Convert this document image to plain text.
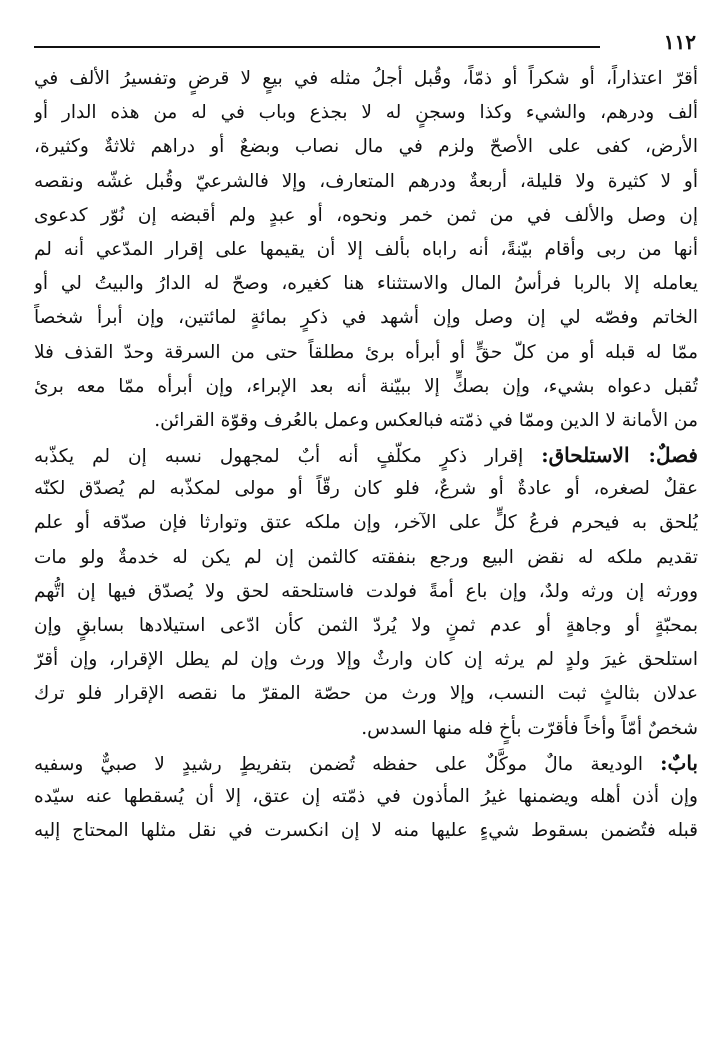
١١٢
أقرّ اعتذاراً، أو شكراً أو ذمّاً، وقُبل أجلُ مثله في بيعٍ لا قرضٍ وتفسيرُ الألف في
ألف ودرهم، والشيء وكذا وسجنٍ له لا بجذع وباب في له من هذه الدار أو
الأرض، كفى على الأصحّ ولزم في مال نصاب وبضعٌ أو دراهم ثلاثةٌ وكثيرة،
أو لا كثيرة ولا قليلة، أربعةٌ ودرهم المتعارف، وإلا فالشرعيّ وقُبل غشّه ونقصه
إن وصل والألف في من ثمن خمر ونحوه، أو عبدٍ ولم أقبضه إن نُوّر كدعوى
أنها من ربى وأقام بيّنةً، أنه راباه بألف إلا أن يقيمها على إقرار المدّعي أنه لم
يعامله إلا بالربا فرأسُ المال والاستثناء هنا كغيره، وصحّ له الدارُ والبيتُ لي أو
الخاتم وفصّه لي إن وصل وإن أشهد في ذكرٍ بمائةٍ لمائتين، وإن أبرأ شخصاً
ممّا له قبله أو من كلّ حقٍّ أو أبرأه برئ مطلقاً حتى من السرقة وحدّ القذف فلا
تُقبل دعواه بشيء، وإن بصكٍّ إلا ببيّنة أنه بعد الإبراء، وإن أبرأه ممّا معه برئ
من الأمانة لا الدين وممّا في ذمّته فبالعكس وعمل بالعُرف وقوّة القرائن.
فصلٌ: الاستلحاق: إقرار ذكرٍ مكلّفٍ أنه أبٌ لمجهول نسبه إن لم يكذّبه
عقلٌ لصغره، أو عادةٌ أو شرعٌ، فلو كان رقّاً أو مولى لمكذّبه لم يُصدّق لكنّه
يُلحق به فيحرم فرعُ كلٍّ على الآخر، وإن ملكه عتق وتوارثا فإن صدّقه أو علم
تقديم ملكه له نقض البيع ورجع بنفقته كالثمن إن لم يكن له خدمةٌ ولو مات
وورثه إن ورثه ولدٌ، وإن باع أمةً فولدت فاستلحقه لحق ولا يُصدّق فيها إن اتُّهم
بمحبّةٍ أو وجاهةٍ أو عدم ثمنٍ ولا يُردّ الثمن كأن ادّعى استيلادها بسابقٍ وإن
استلحق غيرَ ولدٍ لم يرثه إن كان وارثٌ وإلا ورث وإن لم يطل الإقرار، وإن أقرّ
عدلان بثالثٍ ثبت النسب، وإلا ورث من حصّة المقرّ ما نقصه الإقرار فلو ترك
شخصٌ أمّاً وأخاً فأقرّت بأخٍ فله منها السدس.
بابٌ: الوديعة مالٌ موكَّلٌ على حفظه تُضمن بتفريطٍ رشيدٍ لا صبيٌّ وسفيه
وإن أذن أهله ويضمنها غيرُ المأذون في ذمّته إن عتق، إلا أن يُسقطها عنه سيّده
قبله فتُضمن بسقوط شيءٍ عليها منه لا إن انكسرت في نقل مثلها المحتاج إليه
